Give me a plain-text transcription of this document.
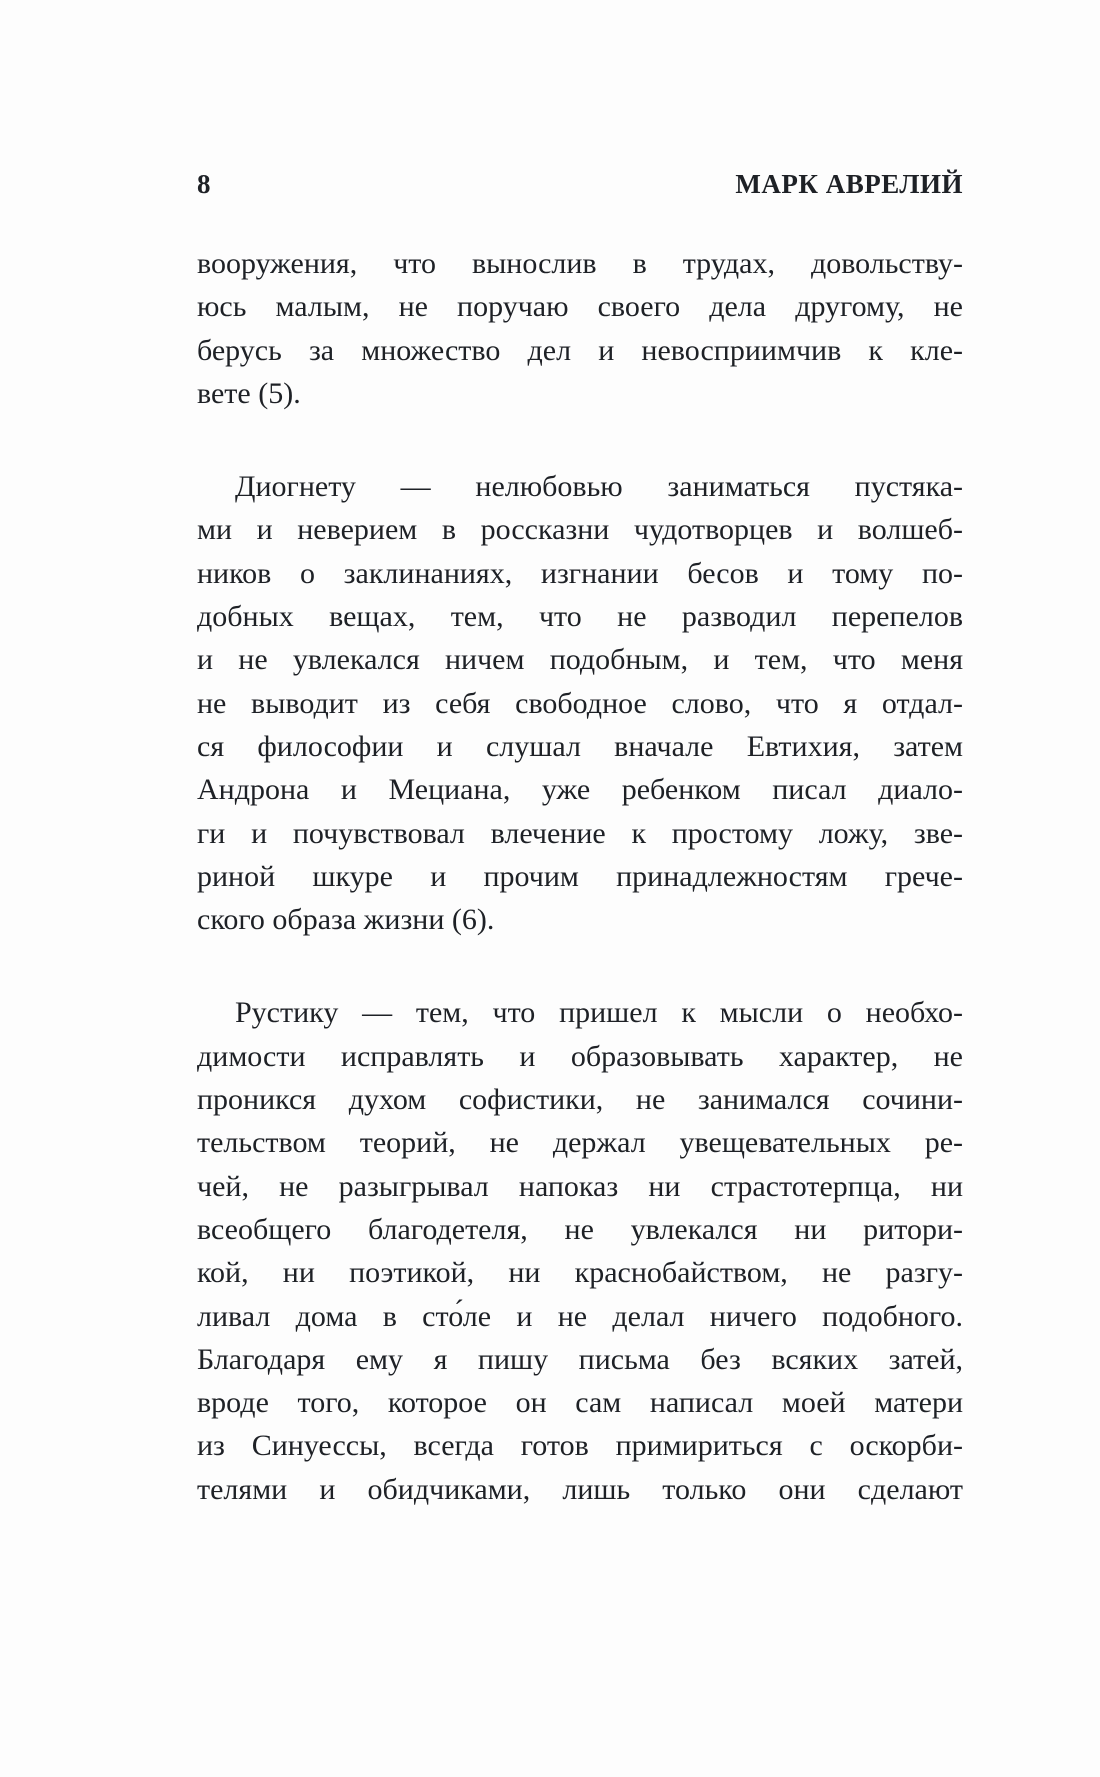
8	МАРК АВРЕЛИЙ
вооружения, что вынослив в трудах, довольству-
юсь малым, не поручаю своего дела другому, не
берусь за множество дел и невосприимчив к кле-
вете (5).
Диогнету — нелюбовью заниматься пустяка-
ми и неверием в россказни чудотворцев и волшеб-
ников о заклинаниях, изгнании бесов и тому по-
добных вещах, тем, что не разводил перепелов
и не увлекался ничем подобным, и тем, что меня
не выводит из себя свободное слово, что я отдал-
ся философии и слушал вначале Евтихия, затем
Андрона и Мециана, уже ребенком писал диало-
ги и почувствовал влечение к простому ложу, зве-
риной шкуре и прочим принадлежностям грече-
ского образа жизни (6).
Рустику — тем, что пришел к мысли о необхо-
димости исправлять и образовывать характер, не
проникся духом софистики, не занимался сочини-
тельством теорий, не держал увещевательных ре-
чей, не разыгрывал напоказ ни страстотерпца, ни
всеобщего благодетеля, не увлекался ни ритори-
кой, ни поэтикой, ни краснобайством, не разгу-
ливал дома в сто́ле и не делал ничего подобного.
Благодаря ему я пишу письма без всяких затей,
вроде того, которое он сам написал моей матери
из Синуессы, всегда готов примириться с оскорби-
телями и обидчиками, лишь только они сделают
